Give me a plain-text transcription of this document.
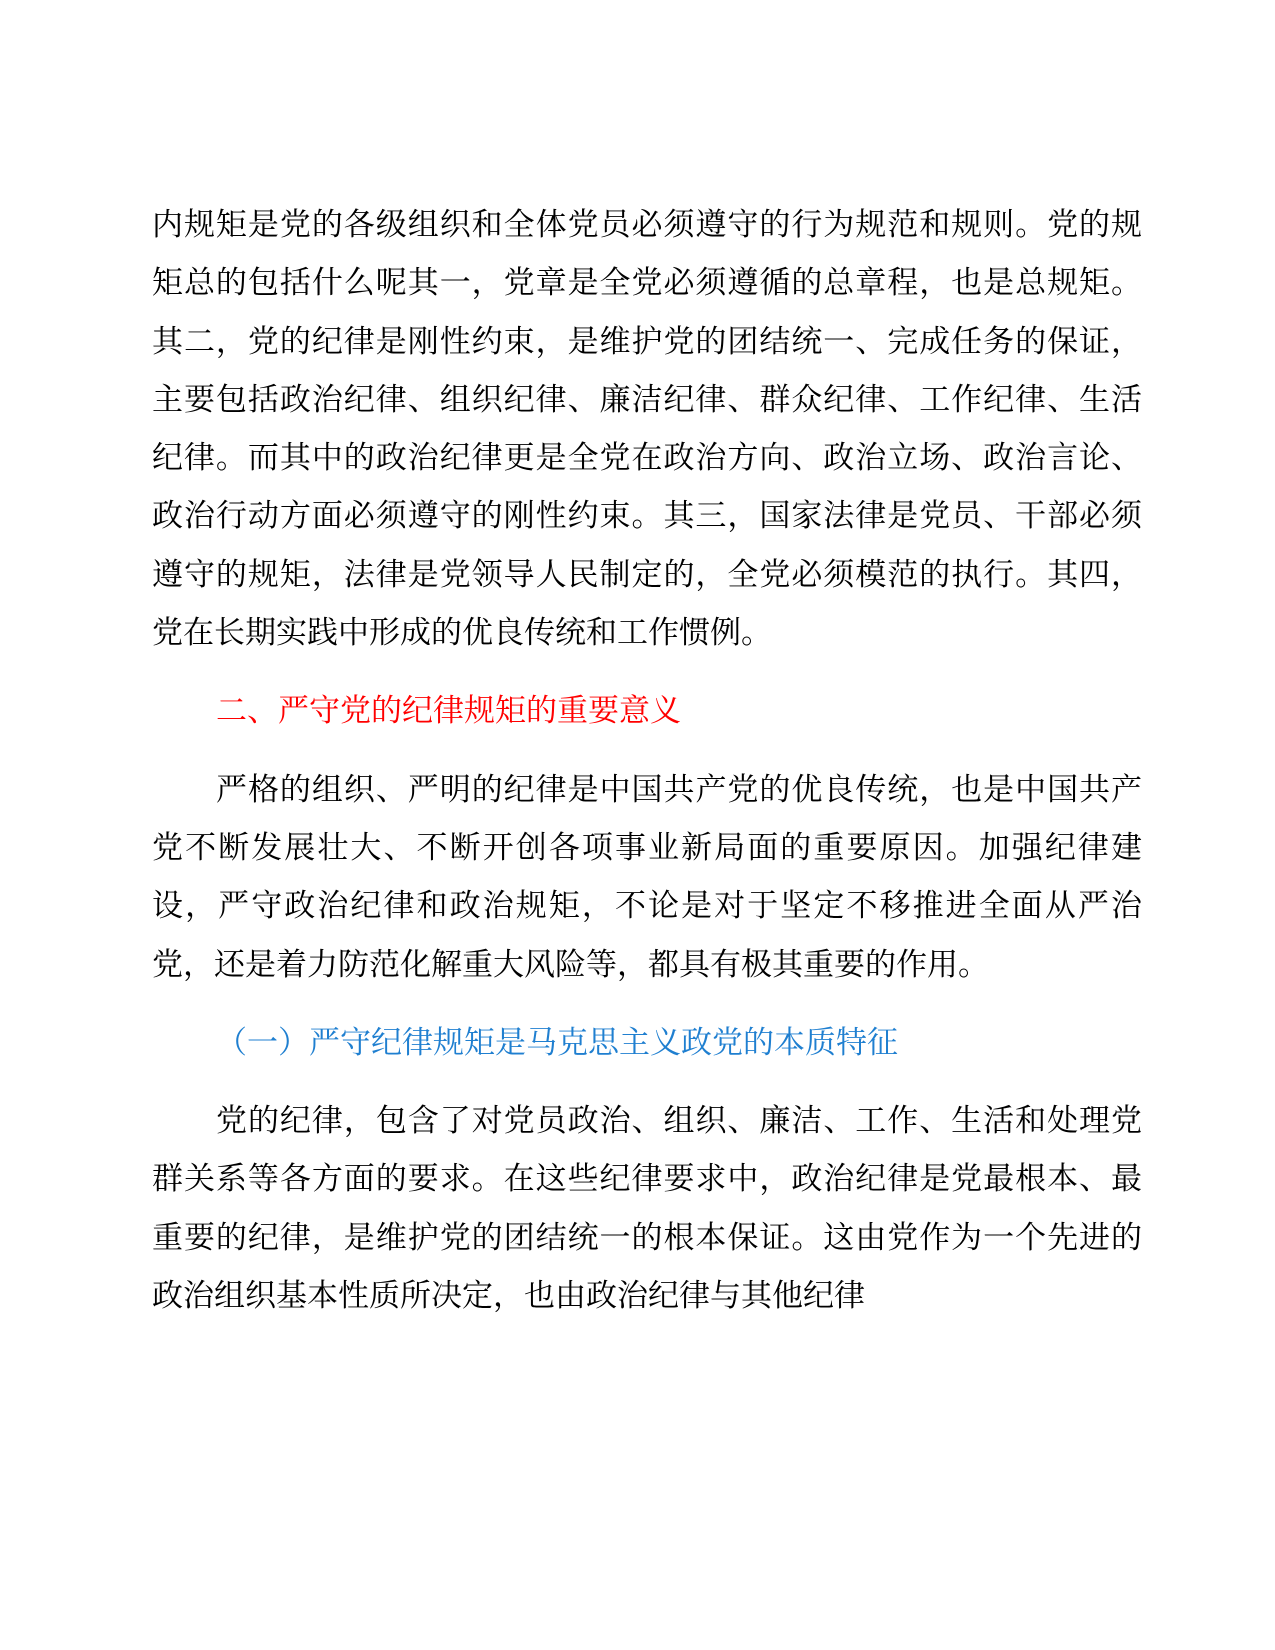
内规矩是党的各级组织和全体党员必须遵守的行为规范和规则。党的规矩总的包括什么呢其一，党章是全党必须遵循的总章程，也是总规矩。其二，党的纪律是刚性约束，是维护党的团结统一、完成任务的保证，主要包括政治纪律、组织纪律、廉洁纪律、群众纪律、工作纪律、生活纪律。而其中的政治纪律更是全党在政治方向、政治立场、政治言论、政治行动方面必须遵守的刚性约束。其三，国家法律是党员、干部必须遵守的规矩，法律是党领导人民制定的，全党必须模范的执行。其四，党在长期实践中形成的优良传统和工作惯例。

二、严守党的纪律规矩的重要意义

严格的组织、严明的纪律是中国共产党的优良传统，也是中国共产党不断发展壮大、不断开创各项事业新局面的重要原因。加强纪律建设，严守政治纪律和政治规矩，不论是对于坚定不移推进全面从严治党，还是着力防范化解重大风险等，都具有极其重要的作用。

（一）严守纪律规矩是马克思主义政党的本质特征

党的纪律，包含了对党员政治、组织、廉洁、工作、生活和处理党群关系等各方面的要求。在这些纪律要求中，政治纪律是党最根本、最重要的纪律，是维护党的团结统一的根本保证。这由党作为一个先进的政治组织基本性质所决定，也由政治纪律与其他纪律
